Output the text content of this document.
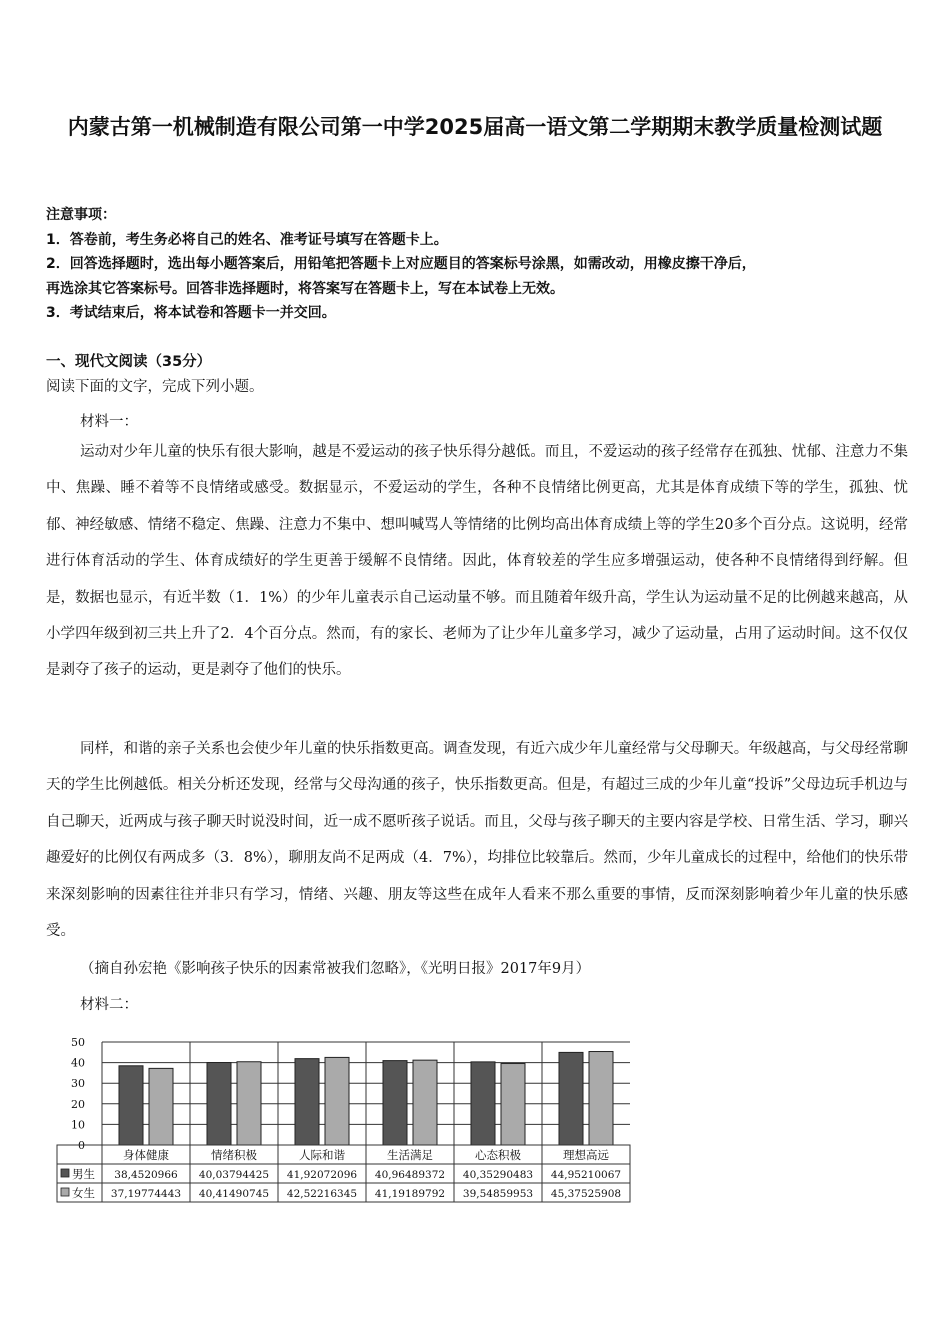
内蒙古第一机械制造有限公司第一中学2025届高一语文第二学期期末教学质量检测试题
注意事项：
1．答卷前，考生务必将自己的姓名、准考证号填写在答题卡上。
2．回答选择题时，选出每小题答案后，用铅笔把答题卡上对应题目的答案标号涂黑，如需改动，用橡皮擦干净后，
再选涂其它答案标号。回答非选择题时，将答案写在答题卡上，写在本试卷上无效。
3．考试结束后，将本试卷和答题卡一并交回。
一、现代文阅读（35分）
阅读下面的文字，完成下列小题。
材料一：
运动对少年儿童的快乐有很大影响，越是不爱运动的孩子快乐得分越低。而且，不爱运动的孩子经常存在孤独、忧郁、注意力不集中、焦躁、睡不着等不良情绪或感受。数据显示，不爱运动的学生，各种不良情绪比例更高，尤其是体育成绩下等的学生，孤独、忧郁、神经敏感、情绪不稳定、焦躁、注意力不集中、想叫喊骂人等情绪的比例均高出体育成绩上等的学生20多个百分点。这说明，经常进行体育活动的学生、体育成绩好的学生更善于缓解不良情绪。因此，体育较差的学生应多增强运动，使各种不良情绪得到纾解。但是，数据也显示，有近半数（1．1%）的少年儿童表示自己运动量不够。而且随着年级升高，学生认为运动量不足的比例越来越高，从小学四年级到初三共上升了2．4个百分点。然而，有的家长、老师为了让少年儿童多学习，减少了运动量，占用了运动时间。这不仅仅是剥夺了孩子的运动，更是剥夺了他们的快乐。
同样，和谐的亲子关系也会使少年儿童的快乐指数更高。调查发现，有近六成少年儿童经常与父母聊天。年级越高，与父母经常聊天的学生比例越低。相关分析还发现，经常与父母沟通的孩子，快乐指数更高。但是，有超过三成的少年儿童“投诉”父母边玩手机边与自己聊天，近两成与孩子聊天时说没时间，近一成不愿听孩子说话。而且，父母与孩子聊天的主要内容是学校、日常生活、学习，聊兴趣爱好的比例仅有两成多（3．8%），聊朋友尚不足两成（4．7%），均排位比较靠后。然而，少年儿童成长的过程中，给他们的快乐带来深刻影响的因素往往并非只有学习，情绪、兴趣、朋友等这些在成年人看来不那么重要的事情，反而深刻影响着少年儿童的快乐感受。
（摘自孙宏艳《影响孩子快乐的因素常被我们忽略》，《光明日报》2017年9月）
材料二：
0
10
20
30
40
50
身体健康	情绪积极	人际和谐	生活满足	心态积极	理想高远
男生 38,4520966 40,03794425 41,92072096 40,96489372 40,35290483 44,95210067
女生 37,19774443 40,41490745 42,52216345 41,19189792 39,54859953 45,37525908
